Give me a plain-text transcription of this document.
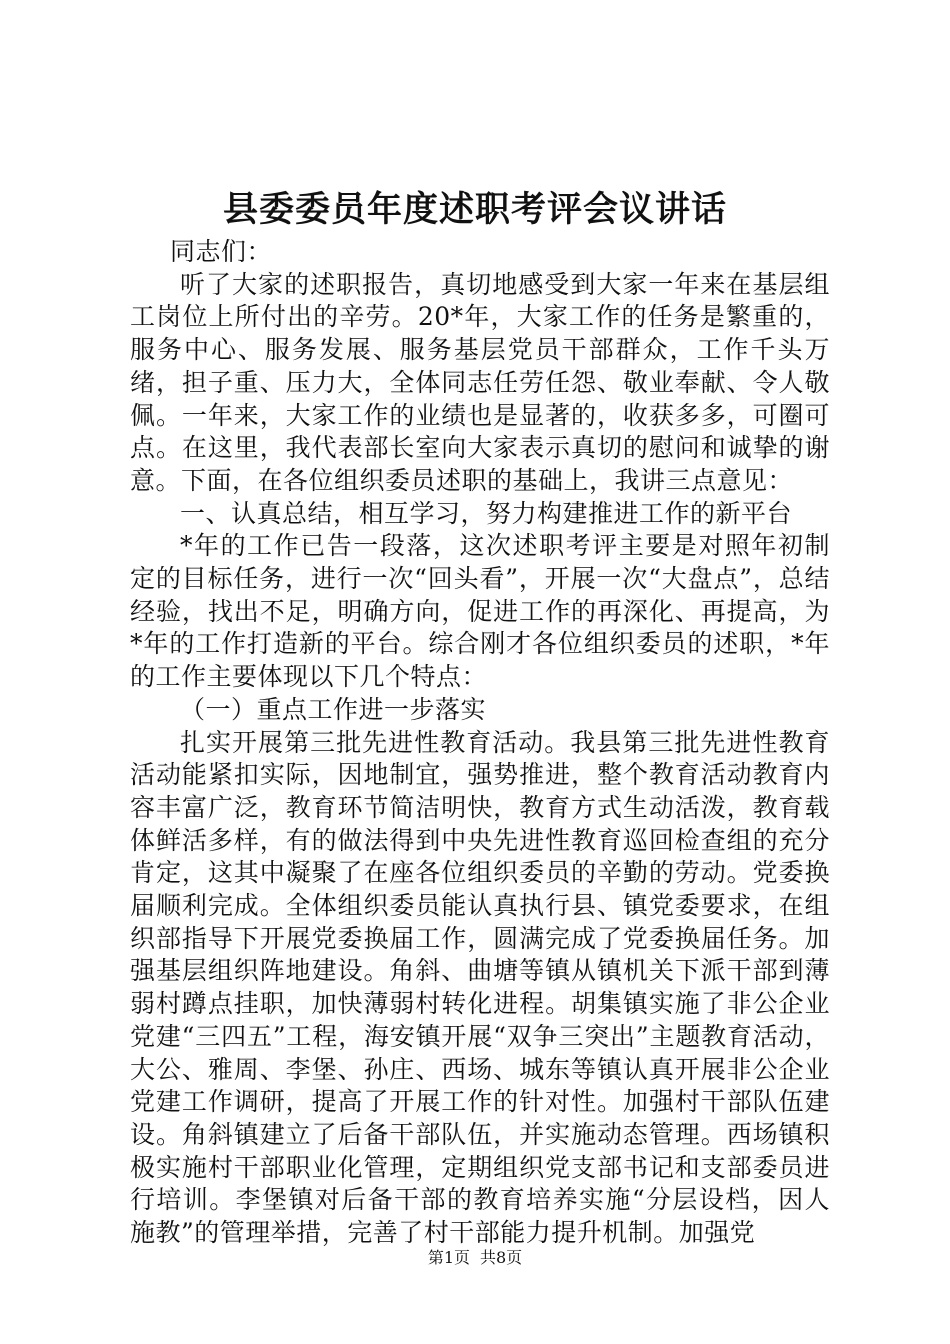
县委委员年度述职考评会议讲话

同志们：

听了大家的述职报告，真切地感受到大家一年来在基层组工岗位上所付出的辛劳。20*年，大家工作的任务是繁重的，服务中心、服务发展、服务基层党员干部群众，工作千头万绪，担子重、压力大，全体同志任劳任怨、敬业奉献、令人敬佩。一年来，大家工作的业绩也是显著的，收获多多，可圈可点。在这里，我代表部长室向大家表示真切的慰问和诚挚的谢意。下面，在各位组织委员述职的基础上，我讲三点意见：

一、认真总结，相互学习，努力构建推进工作的新平台

*年的工作已告一段落，这次述职考评主要是对照年初制定的目标任务，进行一次“回头看”，开展一次“大盘点”，总结经验，找出不足，明确方向，促进工作的再深化、再提高，为*年的工作打造新的平台。综合刚才各位组织委员的述职，*年的工作主要体现以下几个特点：

（一）重点工作进一步落实

扎实开展第三批先进性教育活动。我县第三批先进性教育活动能紧扣实际，因地制宜，强势推进，整个教育活动教育内容丰富广泛，教育环节简洁明快，教育方式生动活泼，教育载体鲜活多样，有的做法得到中央先进性教育巡回检查组的充分肯定，这其中凝聚了在座各位组织委员的辛勤的劳动。党委换届顺利完成。全体组织委员能认真执行县、镇党委要求，在组织部指导下开展党委换届工作，圆满完成了党委换届任务。加强基层组织阵地建设。角斜、曲塘等镇从镇机关下派干部到薄弱村蹲点挂职，加快薄弱村转化进程。胡集镇实施了非公企业党建“三四五”工程，海安镇开展“双争三突出”主题教育活动，大公、雅周、李堡、孙庄、西场、城东等镇认真开展非公企业党建工作调研，提高了开展工作的针对性。加强村干部队伍建设。角斜镇建立了后备干部队伍，并实施动态管理。西场镇积极实施村干部职业化管理，定期组织党支部书记和支部委员进行培训。李堡镇对后备干部的教育培养实施“分层设档，因人施教”的管理举措，完善了村干部能力提升机制。加强党

第1页 共8页
